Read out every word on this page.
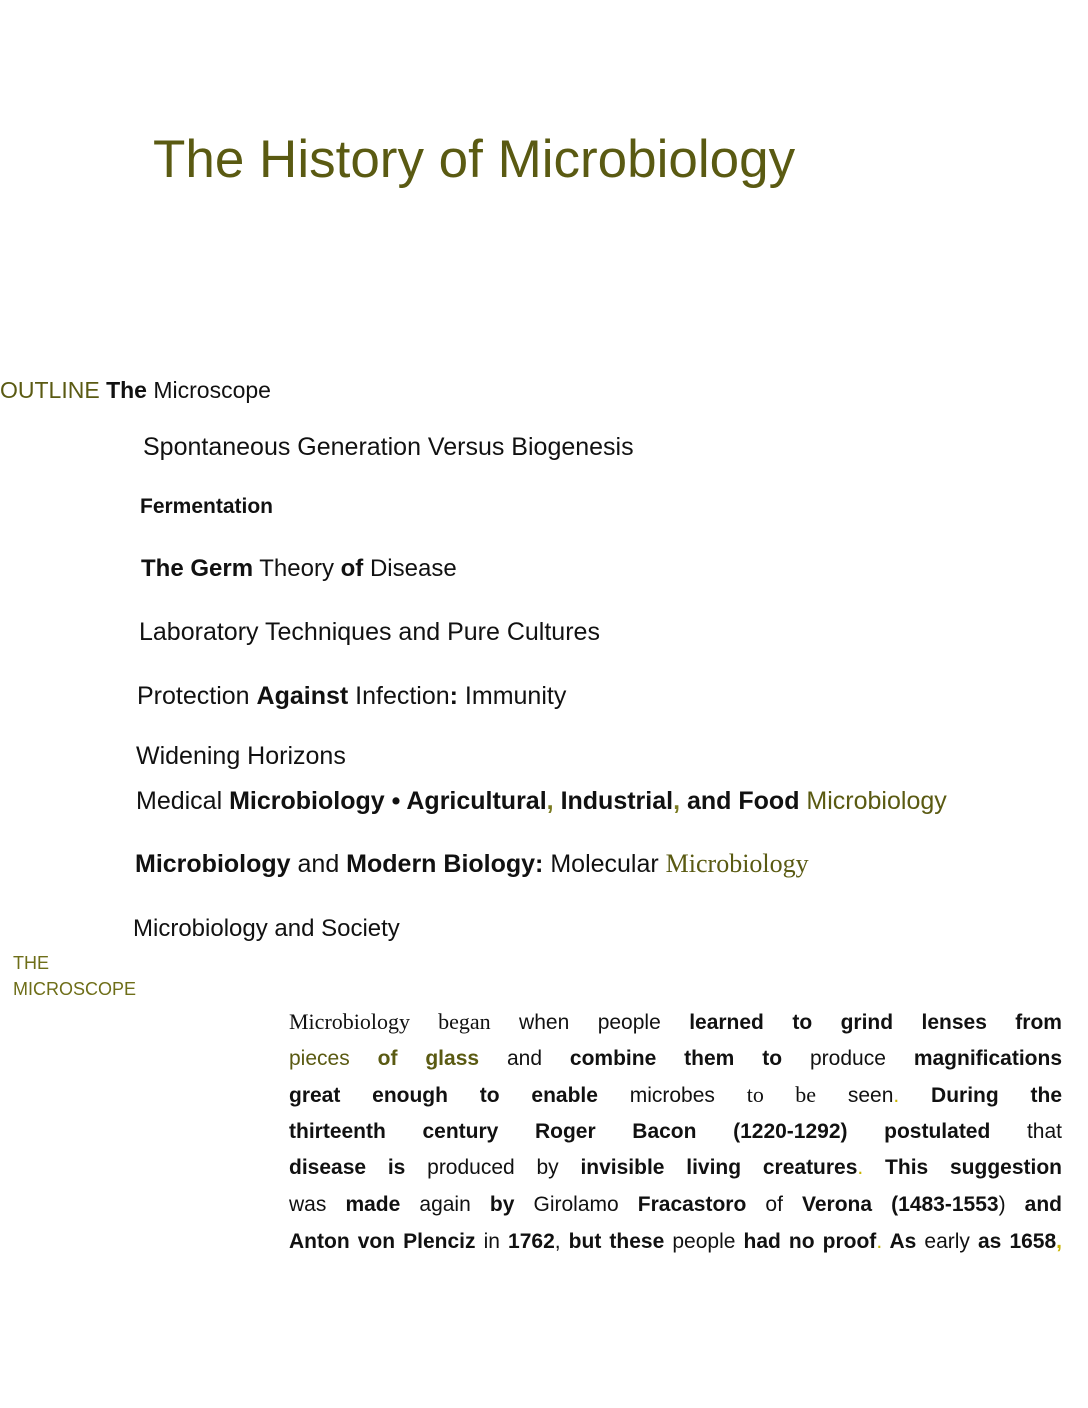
The History of Microbiology
OUTLINE The Microscope
Spontaneous Generation Versus Biogenesis
Fermentation
The Germ Theory of Disease
Laboratory Techniques and Pure Cultures
Protection Against Infection: Immunity
Widening Horizons
Medical Microbiology • Agricultural, Industrial, and Food Microbiology
Microbiology and Modern Biology: Molecular Microbiology
Microbiology and Society
THE
MICROSCOPE
Microbiology began when people learned to grind lenses from
pieces of glass and combine them to produce magnifications
great enough to enable microbes to be seen. During the
thirteenth century Roger Bacon (1220-1292) postulated that
disease is produced by invisible living creatures. This suggestion
was made again by Girolamo Fracastoro of Verona (1483-1553) and
Anton von Plenciz in 1762, but these people had no proof. As early as 1658,
